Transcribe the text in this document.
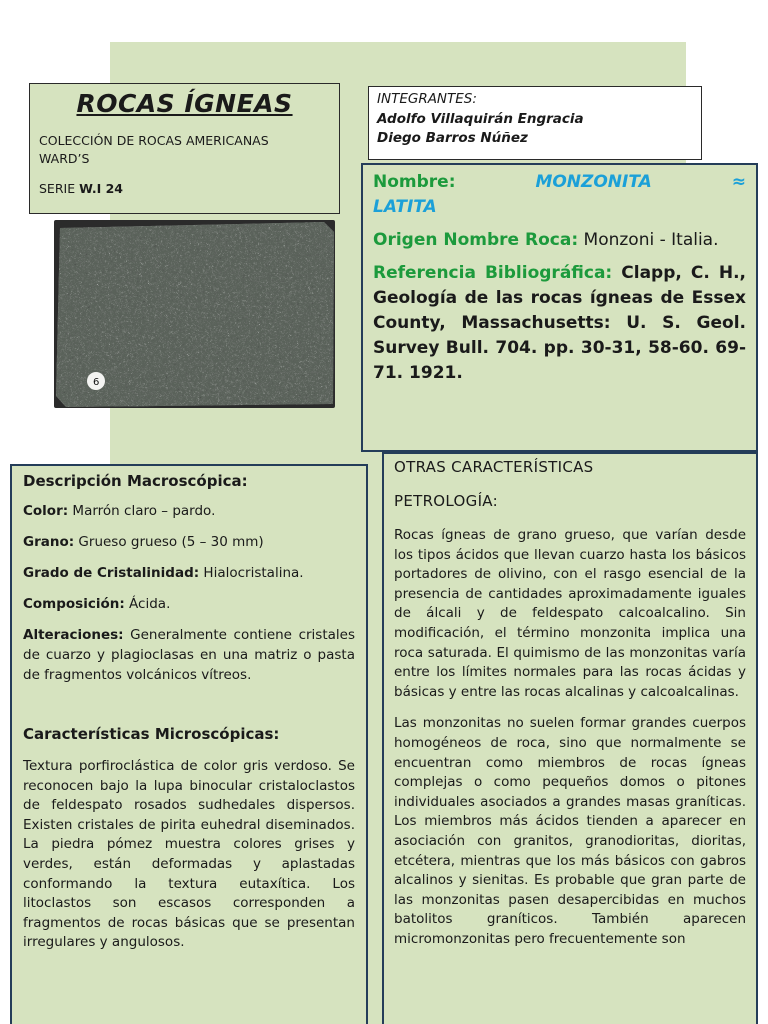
ROCAS ÍGNEAS
COLECCIÓN DE ROCAS AMERICANAS
WARD’S
SERIE W.I 24
6
INTEGRANTES:
Adolfo Villaquirán Engracia
Diego Barros Núñez
Nombre:	MONZONITA	≈
LATITA
Origen Nombre Roca: Monzoni - Italia.
Referencia Bibliográfica: Clapp, C. H., Geología de las rocas ígneas de Essex County, Massachusetts: U. S. Geol. Survey Bull. 704. pp. 30-31, 58-60. 69-71. 1921.
Descripción Macroscópica:
Color: Marrón claro – pardo.
Grano: Grueso grueso (5 – 30 mm)
Grado de Cristalinidad: Hialocristalina.
Composición: Ácida.
Alteraciones: Generalmente contiene cristales de cuarzo y plagioclasas en una matriz o pasta de fragmentos volcánicos vítreos.
Características Microscópicas:
Textura porfiroclástica de color gris verdoso. Se reconocen bajo la lupa binocular cristaloclastos de feldespato rosados sudhedales dispersos. Existen cristales de pirita euhedral diseminados. La piedra pómez muestra colores grises y verdes, están deformadas y aplastadas conformando la textura eutaxítica. Los litoclastos son escasos corresponden a fragmentos de rocas básicas que se presentan irregulares y angulosos.
OTRAS CARACTERÍSTICAS
PETROLOGÍA:
Rocas ígneas de grano grueso, que varían desde los tipos ácidos que llevan cuarzo hasta los básicos portadores de olivino, con el rasgo esencial de la presencia de cantidades aproximadamente iguales de álcali y de feldespato calcoalcalino. Sin modificación, el término monzonita implica una roca saturada. El quimismo de las monzonitas varía entre los límites normales para las rocas ácidas y básicas y entre las rocas alcalinas y calcoalcalinas.
Las monzonitas no suelen formar grandes cuerpos homogéneos de roca, sino que normalmente se encuentran como miembros de rocas ígneas complejas o como pequeños domos o pitones individuales asociados a grandes masas graníticas. Los miembros más ácidos tienden a aparecer en asociación con granitos, granodioritas, dioritas, etcétera, mientras que los más básicos con gabros alcalinos y sienitas. Es probable que gran parte de las monzonitas pasen desapercibidas en muchos batolitos graníticos. También aparecen micromonzonitas pero frecuentemente son
